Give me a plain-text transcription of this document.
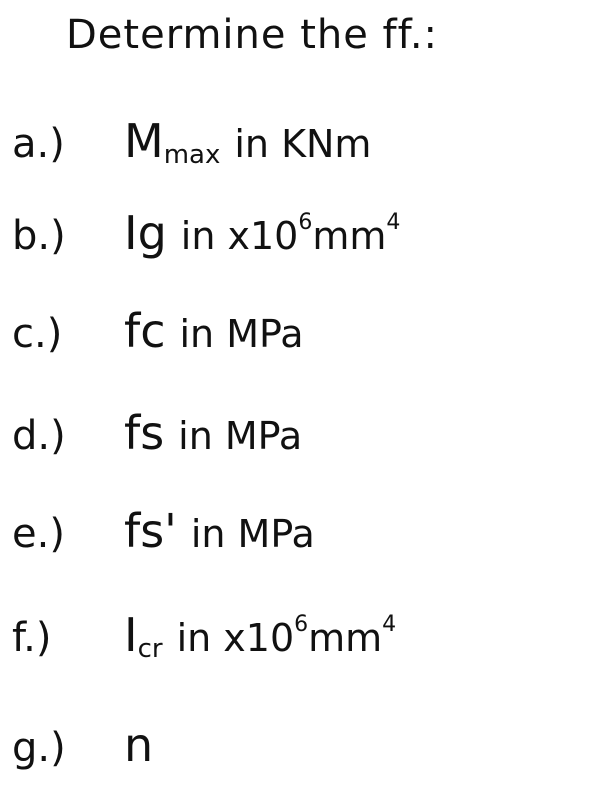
Determine the ff.:
a.) Mmax in KNm
b.) Ig in $x10^6mm^4$
c.) fc in MPa
d.) fs in MPa
e.) fs' in MPa
f.) Icr in $x10^6mm^4$
g.) n
